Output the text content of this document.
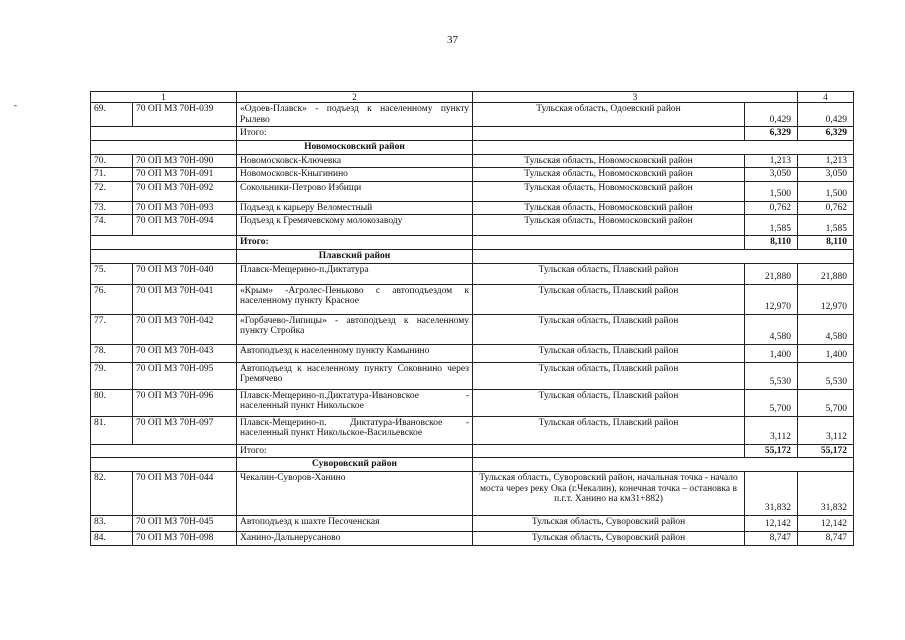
37
-
1		2	3		4
69.	70 ОП МЗ 70Н-039	«Одоев-Плавск» - подъезд к населенному пункту Рылево	Тульская область, Одоевский район	0,429	0,429
		Итого:		6,329	6,329
		Новомосковский район			
70.	70 ОП МЗ 70Н-090	Новомосковск-Ключевка	Тульская область, Новомосковский район	1,213	1,213
71.	70 ОП МЗ 70Н-091	Новомосковск-Кныгинино	Тульская область, Новомосковский район	3,050	3,050
72.	70 ОП МЗ 70Н-092	Сокольники-Петрово Избищи	Тульская область, Новомосковский район	1,500	1,500
73.	70 ОП МЗ 70Н-093	Подъезд к карьеру Веломестный	Тульская область, Новомосковский район	0,762	0,762
74.	70 ОП МЗ 70Н-094	Подъезд к Гремячевскому молокозаводу	Тульская область, Новомосковский район	1,585	1,585
		Итого:		8,110	8,110
		Плавский район			
75.	70 ОП МЗ 70Н-040	Плавск-Мещерино-п.Диктатура	Тульская область, Плавский район	21,880	21,880
76.	70 ОП МЗ 70Н-041	«Крым» -Агролес-Пеньково с автоподъездом к населенному пункту Красное	Тульская область, Плавский район	12,970	12,970
77.	70 ОП МЗ 70Н-042	«Горбачево-Липицы» - автоподъезд к населенному пункту Стройка	Тульская область, Плавский район	4,580	4,580
78.	70 ОП МЗ 70Н-043	Автоподъезд к населенному пункту Камынино	Тульская область, Плавский район	1,400	1,400
79.	70 ОП МЗ 70Н-095	Автоподъезд к населенному пункту Соковнино через Гремячево	Тульская область, Плавский район	5,530	5,530
80.	70 ОП МЗ 70Н-096	Плавск-Мещерино-п.Диктатура-Ивановское - населенный пункт Никольское	Тульская область, Плавский район	5,700	5,700
81.	70 ОП МЗ 70Н-097	Плавск-Мещерино-п. Диктатура-Ивановское - населенный пункт Никольское-Васильевское	Тульская область, Плавский район	3,112	3,112
		Итого:		55,172	55,172
		Суворовский район			
82.	70 ОП МЗ 70Н-044	Чекалин-Суворов-Ханино	Тульская область, Суворовский район, начальная точка - начало моста через реку Ока (г.Чекалин), конечная точка – остановка в п.г.т. Ханино на км31+882)	31,832	31,832
83.	70 ОП МЗ 70Н-045	Автоподъезд к шахте Песоченская	Тульская область, Суворовский район	12,142	12,142
84.	70 ОП МЗ 70Н-098	Ханино-Дальнерусаново	Тульская область, Суворовский район	8,747	8,747
